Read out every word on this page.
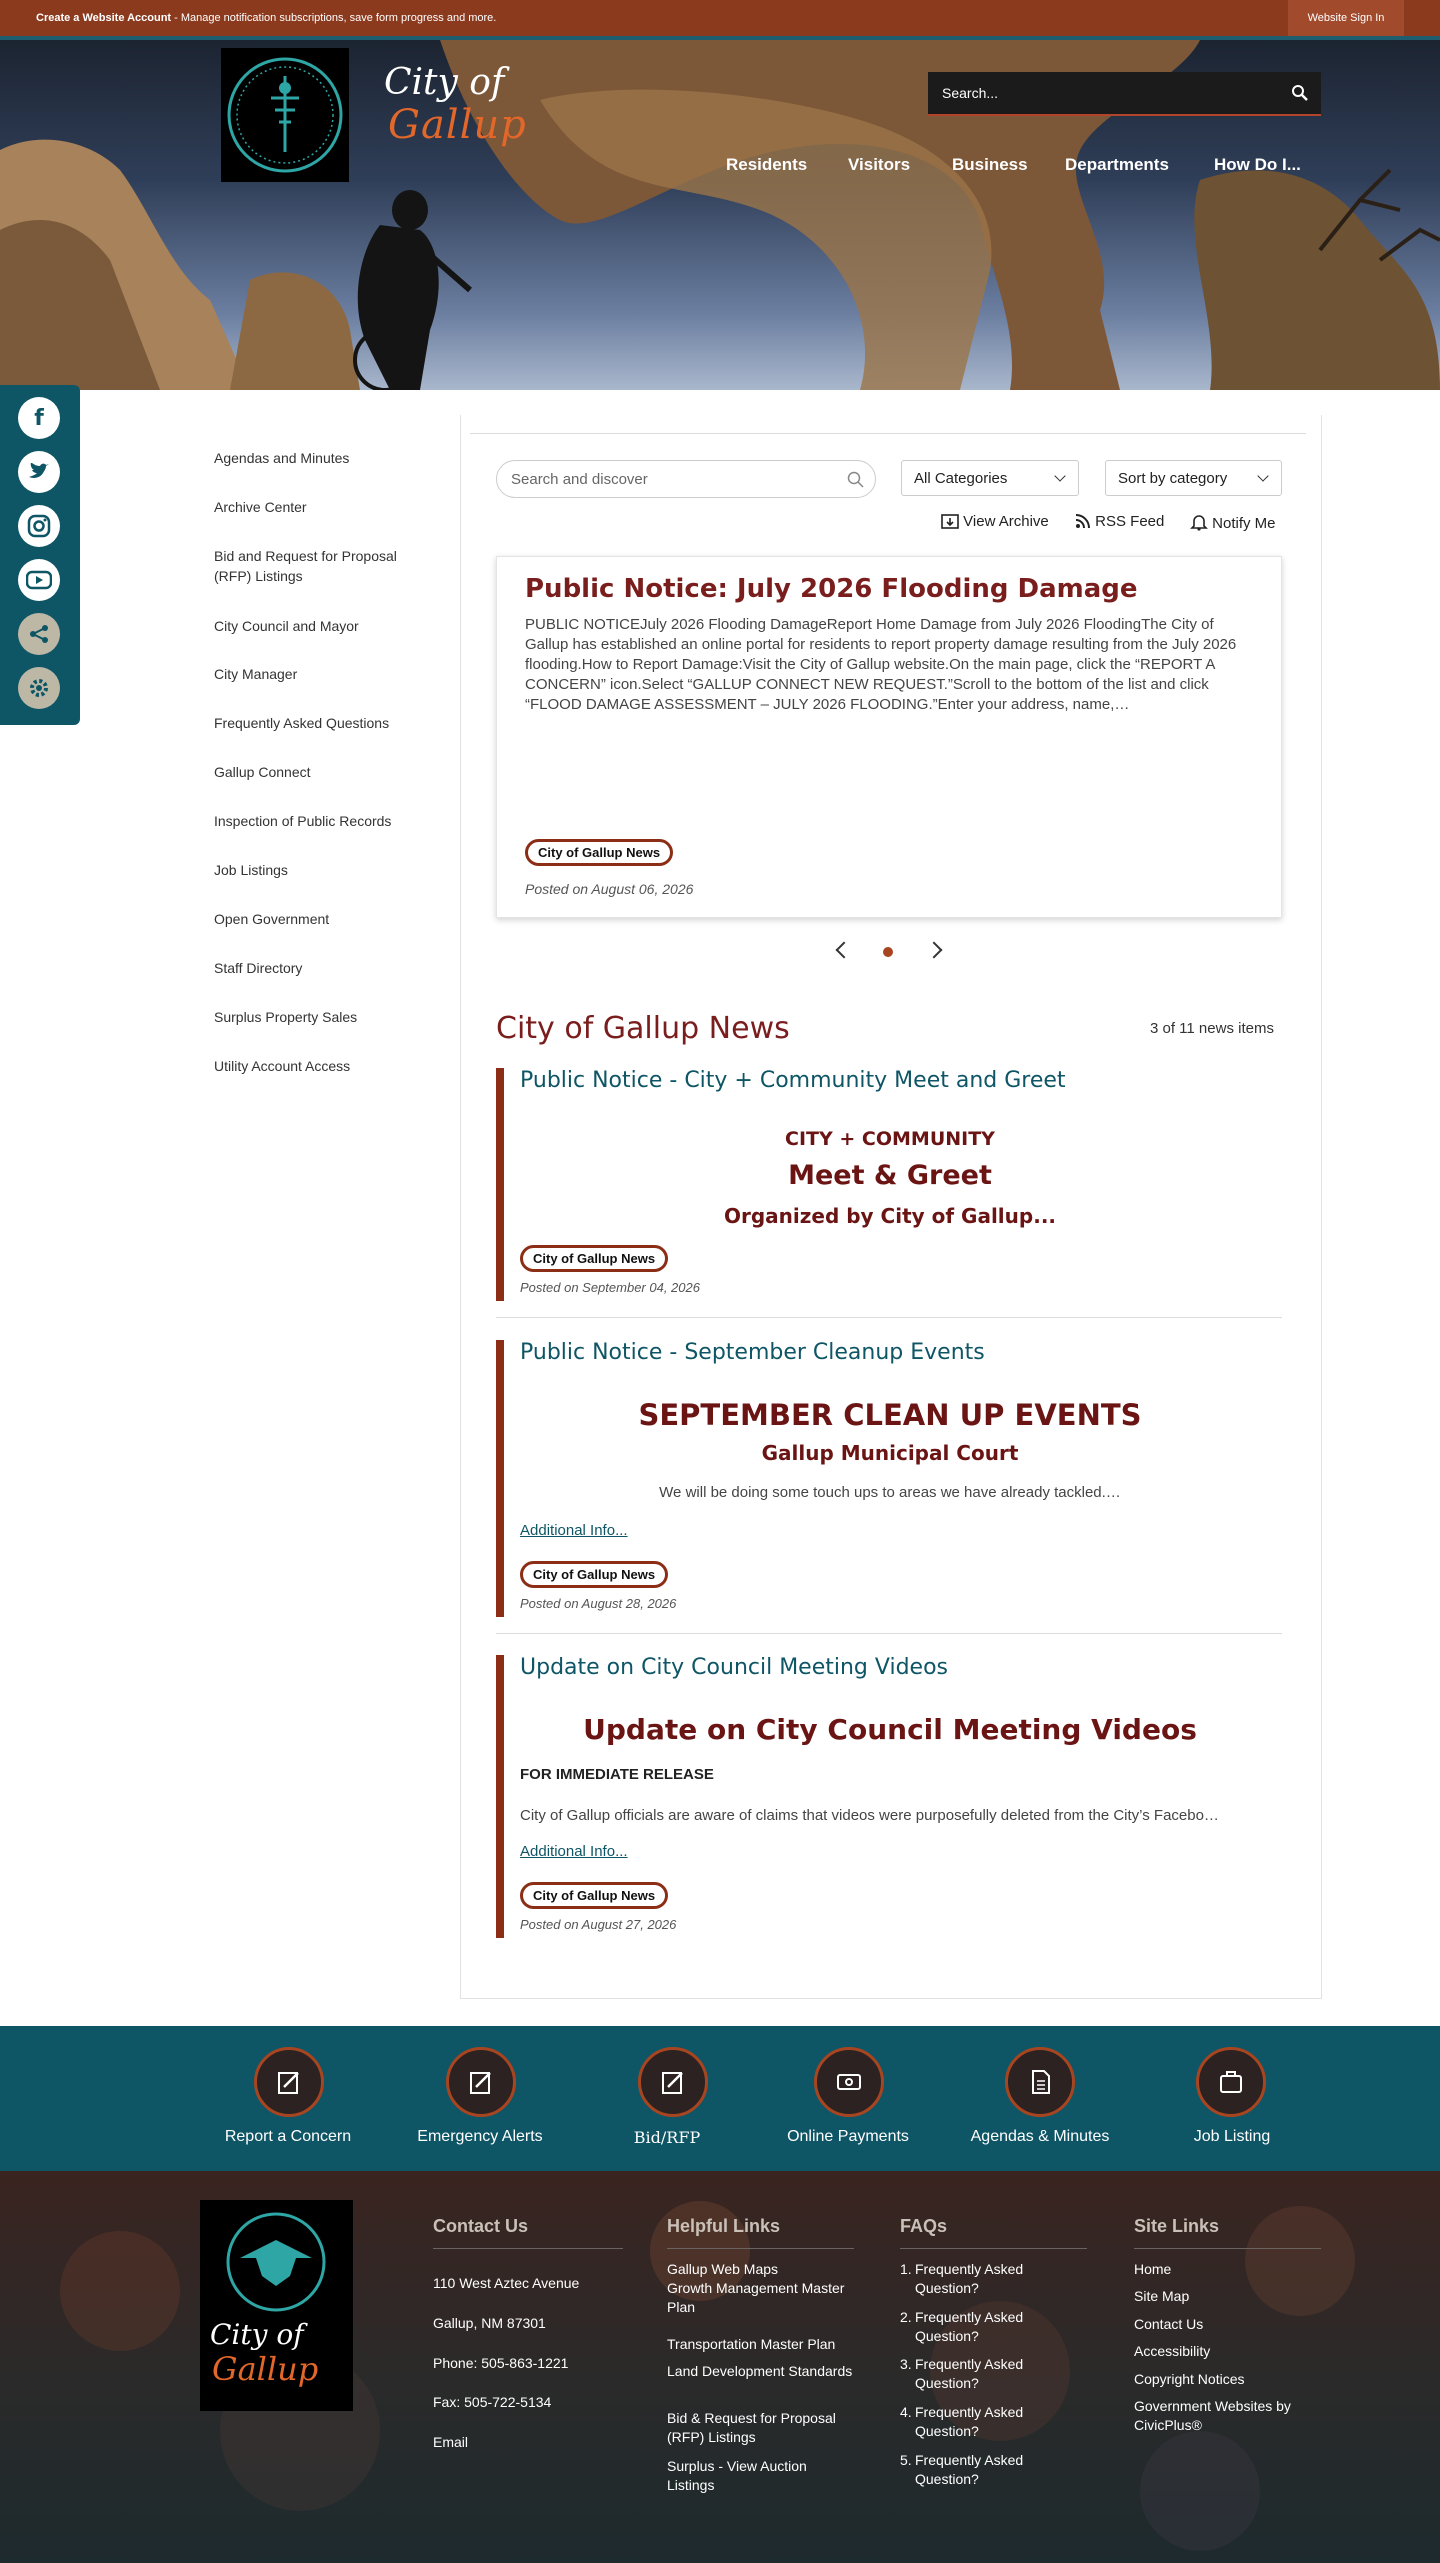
Create a Website Account - Manage notification subscriptions, save form progress and more.	Website Sign In
City of
Gallup
Search...
Residents Visitors Business Departments	How Do I...
f
Agendas and Minutes
Archive Center
Bid and Request for Proposal (RFP) Listings
City Council and Mayor
City Manager
Frequently Asked Questions
Gallup Connect
Inspection of Public Records
Job Listings
Open Government
Staff Directory
Surplus Property Sales
Utility Account Access
Search and discover	All Categories	Sort by category
View Archive	RSS Feed	Notify Me
Public Notice: July 2026 Flooding Damage

PUBLIC NOTICEJuly 2026 Flooding DamageReport Home Damage from July 2026 FloodingThe City of Gallup has established an online portal for residents to report property damage resulting from the July 2026 flooding.How to Report Damage:Visit the City of Gallup website.On the main page, click the “REPORT A CONCERN” icon.Select “GALLUP CONNECT NEW REQUEST.”Scroll to the bottom of the list and click “FLOOD DAMAGE ASSESSMENT – JULY 2026 FLOODING.”Enter your address, name,…

City of Gallup News
Posted on August 06, 2026
City of Gallup News	3 of 11 news items
Public Notice - City + Community Meet and Greet
CITY + COMMUNITY
Meet & Greet
Organized by City of Gallup...
City of Gallup News
Posted on September 04, 2026
Public Notice - September Cleanup Events
SEPTEMBER CLEAN UP EVENTS
Gallup Municipal Court
We will be doing some touch ups to areas we have already tackled.…
Additional Info...
City of Gallup News
Posted on August 28, 2026
Update on City Council Meeting Videos
Update on City Council Meeting Videos
FOR IMMEDIATE RELEASE
City of Gallup officials are aware of claims that videos were purposefully deleted from the City’s Facebo…
Additional Info...
City of Gallup News
Posted on August 27, 2026
Report a Concern	Emergency Alerts	Bid/RFP	Online Payments	Agendas & Minutes	Job Listing
City of
Gallup
Contact Us
110 West Aztec Avenue
Gallup, NM 87301
Phone: 505-863-1221
Fax: 505-722-5134
Email
Helpful Links
Gallup Web Maps
Growth Management Master Plan
Transportation Master Plan
Land Development Standards
Bid & Request for Proposal (RFP) Listings
Surplus - View Auction Listings
FAQs
1. Frequently Asked Question?
2. Frequently Asked Question?
3. Frequently Asked Question?
4. Frequently Asked Question?
5. Frequently Asked Question?
Site Links
Home
Site Map
Contact Us
Accessibility
Copyright Notices
Government Websites by CivicPlus®
